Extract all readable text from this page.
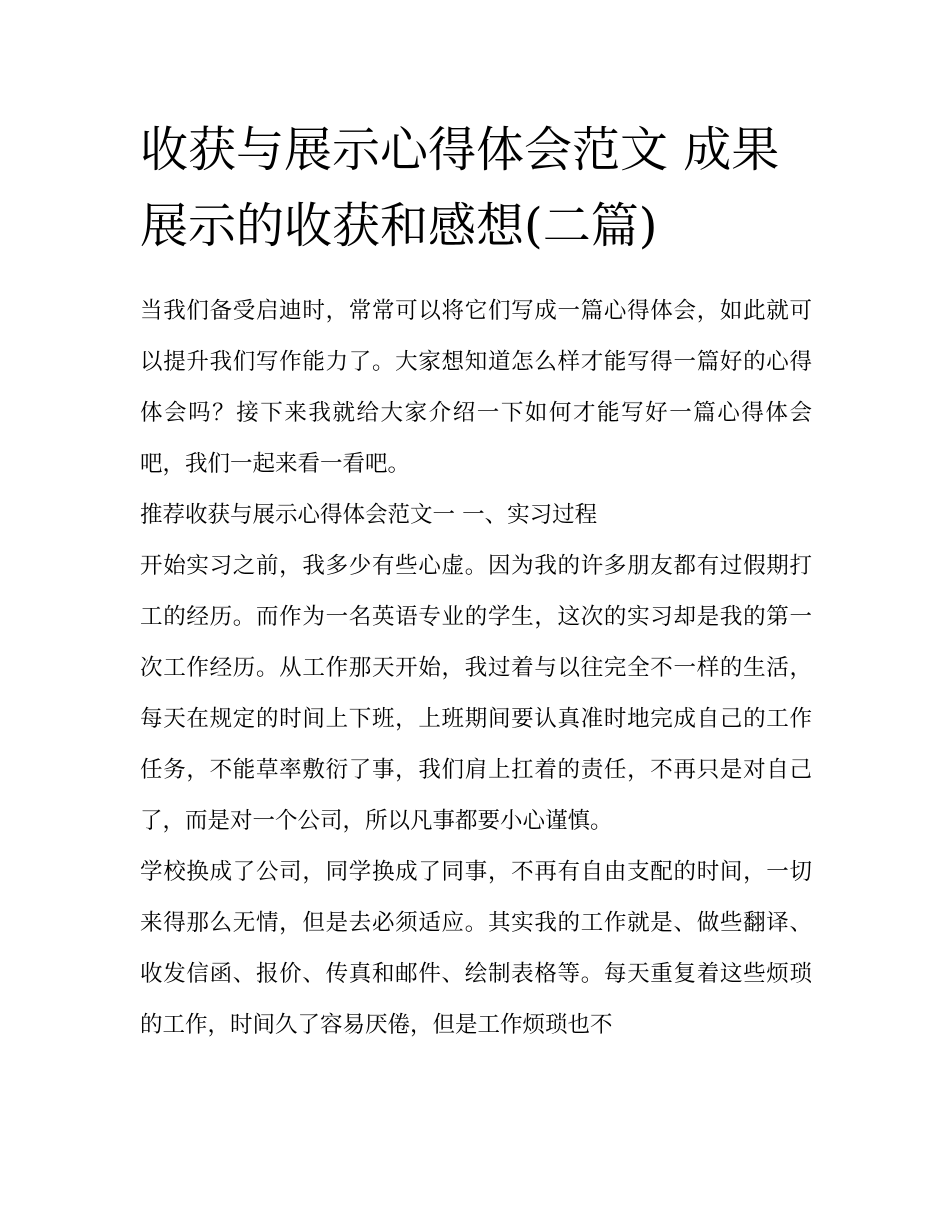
收获与展示心得体会范文 成果展示的收获和感想(二篇)

当我们备受启迪时，常常可以将它们写成一篇心得体会，如此就可以提升我们写作能力了。大家想知道怎么样才能写得一篇好的心得体会吗？接下来我就给大家介绍一下如何才能写好一篇心得体会吧，我们一起来看一看吧。

推荐收获与展示心得体会范文一 一、实习过程

开始实习之前，我多少有些心虚。因为我的许多朋友都有过假期打工的经历。而作为一名英语专业的学生，这次的实习却是我的第一次工作经历。从工作那天开始，我过着与以往完全不一样的生活，每天在规定的时间上下班，上班期间要认真准时地完成自己的工作任务，不能草率敷衍了事，我们肩上扛着的责任，不再只是对自己了，而是对一个公司，所以凡事都要小心谨慎。

学校换成了公司，同学换成了同事，不再有自由支配的时间，一切来得那么无情，但是去必须适应。其实我的工作就是、做些翻译、收发信函、报价、传真和邮件、绘制表格等。每天重复着这些烦琐的工作，时间久了容易厌倦，但是工作烦琐也不
